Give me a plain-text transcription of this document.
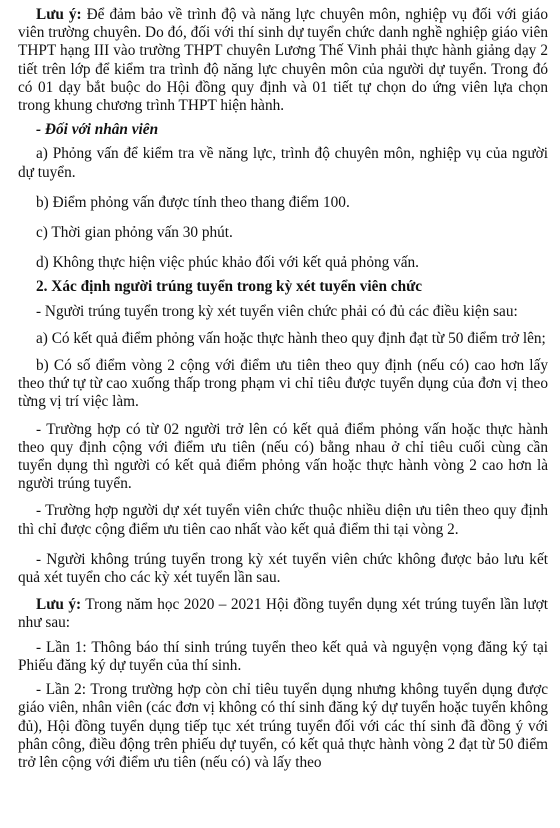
Lưu ý: Để đảm bảo về trình độ và năng lực chuyên môn, nghiệp vụ đối với giáo viên trường chuyên. Do đó, đối với thí sinh dự tuyển chức danh nghề nghiệp giáo viên THPT hạng III vào trường THPT chuyên Lương Thế Vinh phải thực hành giảng dạy 2 tiết trên lớp để kiểm tra trình độ năng lực chuyên môn của người dự tuyển. Trong đó có 01 dạy bắt buộc do Hội đồng quy định và 01 tiết tự chọn do ứng viên lựa chọn trong khung chương trình THPT hiện hành.

- Đối với nhân viên

a) Phỏng vấn để kiểm tra về năng lực, trình độ chuyên môn, nghiệp vụ của người dự tuyển.

b) Điểm phỏng vấn được tính theo thang điểm 100.

c) Thời gian phỏng vấn 30 phút.

d) Không thực hiện việc phúc khảo đối với kết quả phỏng vấn.

2. Xác định người trúng tuyển trong kỳ xét tuyển viên chức

- Người trúng tuyển trong kỳ xét tuyển viên chức phải có đủ các điều kiện sau:

a) Có kết quả điểm phỏng vấn hoặc thực hành theo quy định đạt từ 50 điểm trở lên;

b) Có số điểm vòng 2 cộng với điểm ưu tiên theo quy định (nếu có) cao hơn lấy theo thứ tự từ cao xuống thấp trong phạm vi chỉ tiêu được tuyển dụng của đơn vị theo từng vị trí việc làm.

- Trường hợp có từ 02 người trở lên có kết quả điểm phỏng vấn hoặc thực hành theo quy định cộng với điểm ưu tiên (nếu có) bằng nhau ở chỉ tiêu cuối cùng cần tuyển dụng thì người có kết quả điểm phỏng vấn hoặc thực hành vòng 2 cao hơn là người trúng tuyển.

- Trường hợp người dự xét tuyển viên chức thuộc nhiều diện ưu tiên theo quy định thì chỉ được cộng điểm ưu tiên cao nhất vào kết quả điểm thi tại vòng 2.

- Người không trúng tuyển trong kỳ xét tuyển viên chức không được bảo lưu kết quả xét tuyển cho các kỳ xét tuyển lần sau.

Lưu ý: Trong năm học 2020 – 2021 Hội đồng tuyển dụng xét trúng tuyển lần lượt như sau:

- Lần 1: Thông báo thí sinh trúng tuyển theo kết quả và nguyện vọng đăng ký tại Phiếu đăng ký dự tuyển của thí sinh.

- Lần 2: Trong trường hợp còn chỉ tiêu tuyển dụng nhưng không tuyển dụng được giáo viên, nhân viên (các đơn vị không có thí sinh đăng ký dự tuyển hoặc tuyển không đủ), Hội đồng tuyển dụng tiếp tục xét trúng tuyển đối với các thí sinh đã đồng ý với phân công, điều động trên phiếu dự tuyển, có kết quả thực hành vòng 2 đạt từ 50 điểm trở lên cộng với điểm ưu tiên (nếu có) và lấy theo
